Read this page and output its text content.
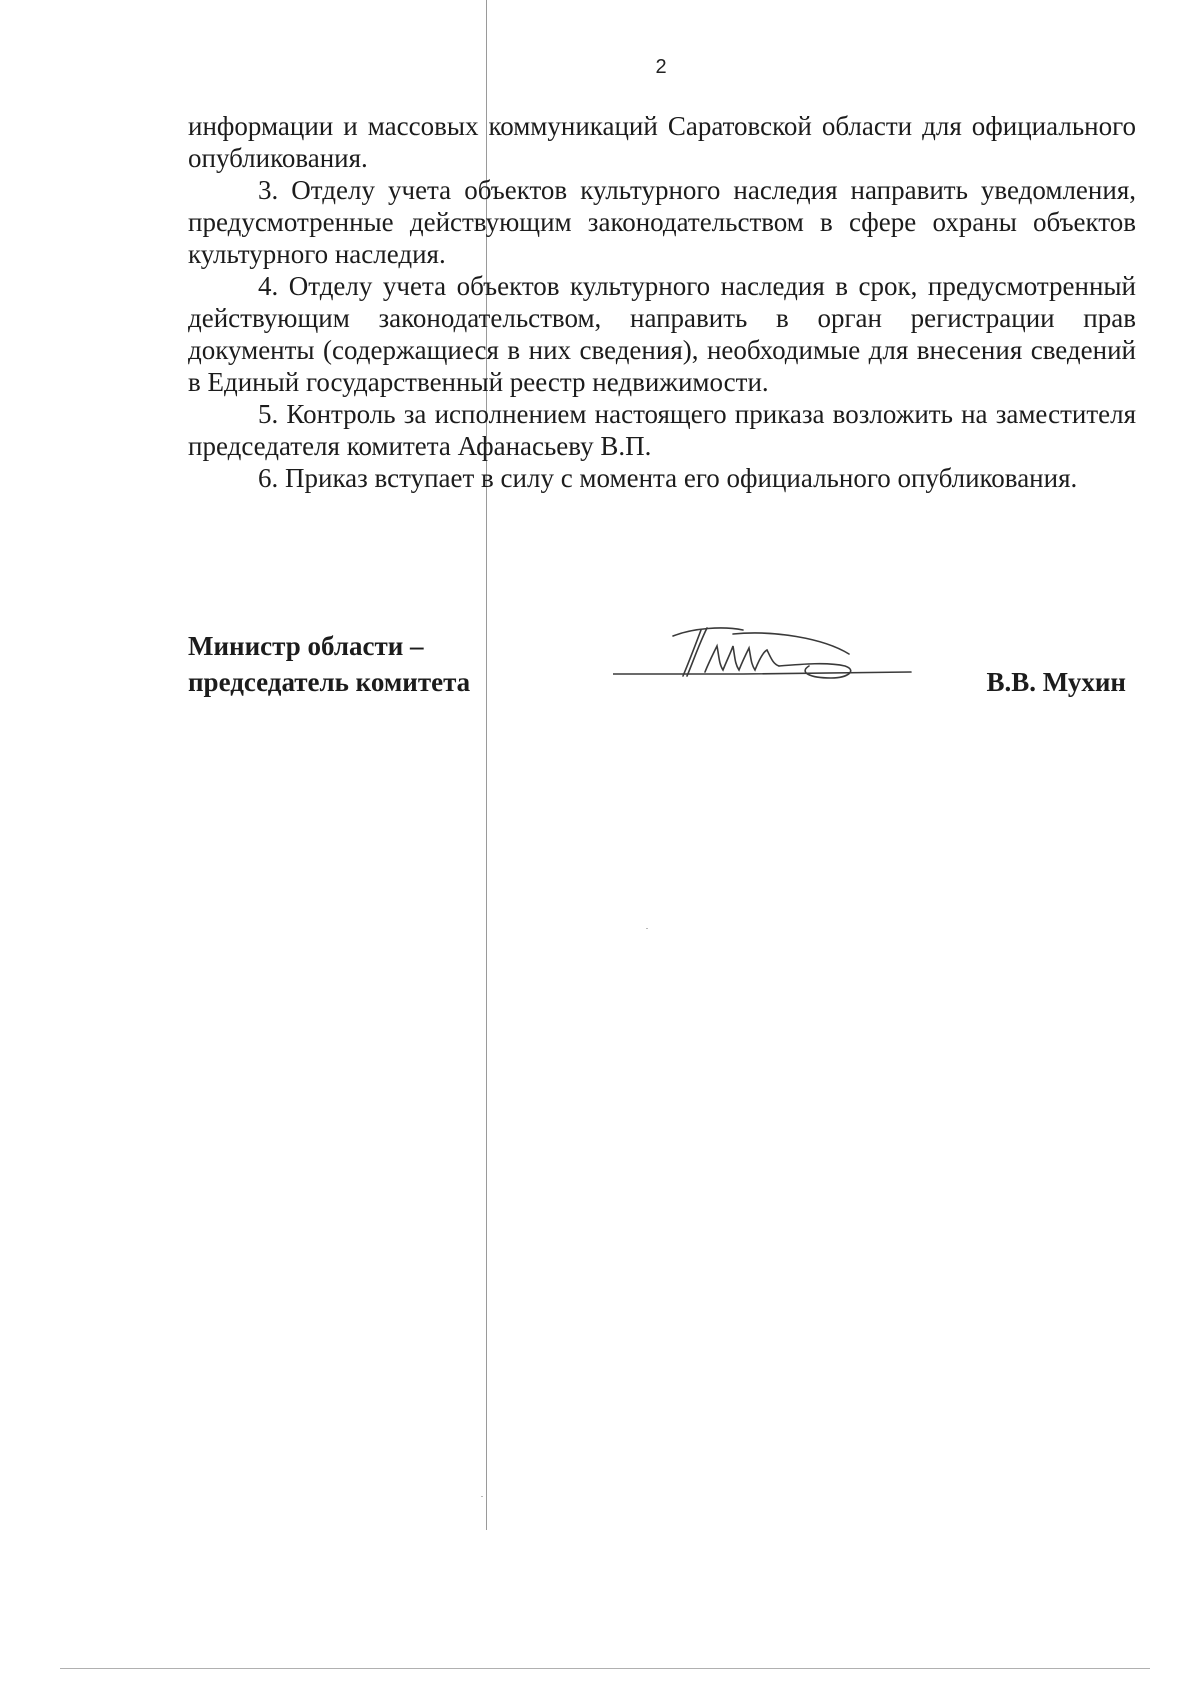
2

информации и массовых коммуникаций Саратовской области для официального опубликования.

3. Отделу учета объектов культурного наследия направить уведомления, предусмотренные действующим законодательством в сфере охраны объектов культурного наследия.

4. Отделу учета объектов культурного наследия в срок, предусмотренный действующим законодательством, направить в орган регистрации прав документы (содержащиеся в них сведения), необходимые для внесения сведений в Единый государственный реестр недвижимости.

5. Контроль за исполнением настоящего приказа возложить на заместителя председателя комитета Афанасьеву В.П.

6. Приказ вступает в силу с момента его официального опубликования.

Министр области –
председатель комитета	В.В. Мухин
